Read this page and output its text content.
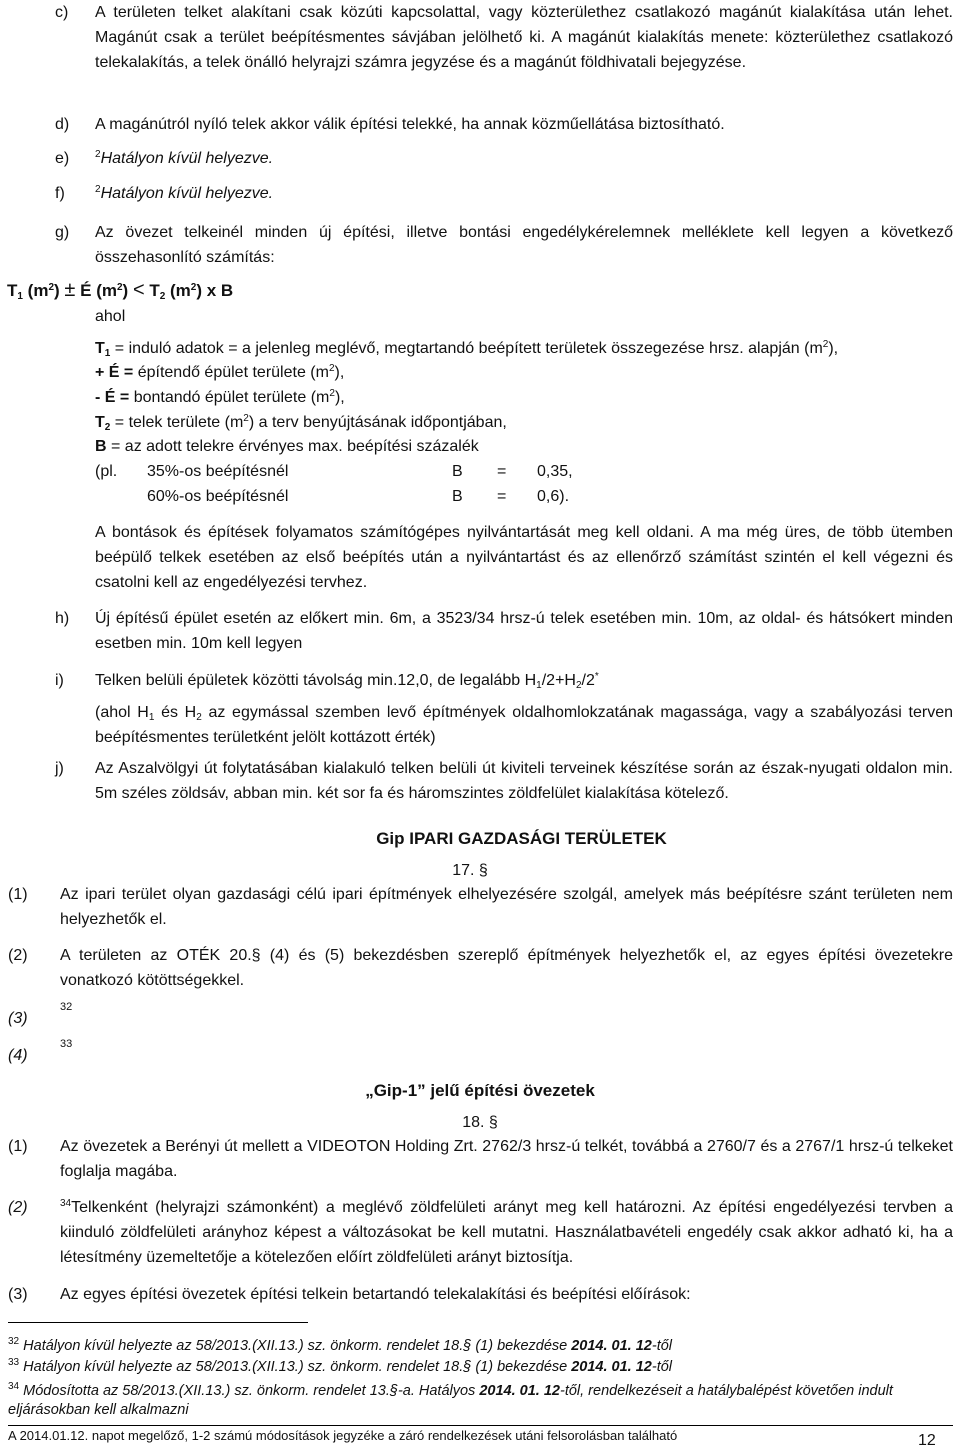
c) A területen telket alakítani csak közúti kapcsolattal, vagy közterülethez csatlakozó magánút kialakítása után lehet. Magánút csak a terület beépítésmentes sávjában jelölhető ki. A magánút kialakítás menete: közterülethez csatlakozó telekalakítás, a telek önálló helyrajzi számra jegyzése és a magánút földhivatali bejegyzése.
d) A magánútról nyíló telek akkor válik építési telekké, ha annak közműellátása biztosítható.
e)	$^2$Hatályon kívül helyezve.
f)	$^2$Hatályon kívül helyezve.
g) Az övezet telkeinél minden új építési, illetve bontási engedélykérelemnek melléklete kell legyen a következő összehasonlító számítás:
$T_1$ $(m^2)$ ± É $(m^2) < T_2$ $(m^2)$ x B
ahol
$T_1$ = induló adatok = a jelenleg meglévő, megtartandó beépített területek összegezése hrsz. alapján $(m^2)$,
+ É = építendő épület területe $(m^2)$,
- É = bontandó épület területe $(m^2)$,
$T_2$ = telek területe $(m^2)$ a terv benyújtásának időpontjában,
B = az adott telekre érvényes max. beépítési százalék
(pl. 35%-os beépítésnél	B = 0,35,
60%-os beépítésnél	B = 0,6).
A bontások és építések folyamatos számítógépes nyilvántartását meg kell oldani. A ma még üres, de több ütemben beépülő telkek esetében az első beépítés után a nyilvántartást és az ellenőrző számítást szintén el kell végezni és csatolni kell az engedélyezési tervhez.
h) Új építésű épület esetén az előkert min. 6m, a 3523/34 hrsz-ú telek esetében min. 10m, az oldal- és hátsókert minden esetben min. 10m kell legyen
i) Telken belüli épületek közötti távolság min.12,0, de legalább $H_1/2+H_2/2^*$
(ahol $H_1$ és $H_2$ az egymással szemben levő építmények oldalhomlokzatának magassága, vagy a szabályozási terven beépítésmentes területként jelölt kottázott érték)
j) Az Aszalvölgyi út folytatásában kialakuló telken belüli út kiviteli terveinek készítése során az észak-nyugati oldalon min. 5m széles zöldsáv, abban min. két sor fa és háromszintes zöldfelület kialakítása kötelező.
Gip IPARI GAZDASÁGI TERÜLETEK
17. §
(1) Az ipari terület olyan gazdasági célú ipari építmények elhelyezésére szolgál, amelyek más beépítésre szánt területen nem helyezhetők el.
(2) A területen az OTÉK 20.§ (4) és (5) bekezdésben szereplő építmények helyezhetők el, az egyes építési övezetekre vonatkozó kötöttségekkel.
(3)
32
(4)
33
„Gip-1” jelű építési övezetek
18. §
(1) Az övezetek a Berényi út mellett a VIDEOTON Holding Zrt. 2762/3 hrsz-ú telkét, továbbá a 2760/7 és a 2767/1 hrsz-ú telkeket foglalja magába.
(2)	$^{34}$Telkenként (helyrajzi számonként) a meglévő zöldfelületi arányt meg kell határozni. Az építési engedélyezési tervben a kiinduló zöldfelületi arányhoz képest a változásokat be kell mutatni. Használatbavételi engedély csak akkor adható ki, ha a létesítmény üzemeltetője a kötelezően előírt zöldfelületi arányt biztosítja.
(3) Az egyes építési övezetek építési telkein betartandó telekalakítási és beépítési előírások:
$^{32}$ Hatályon kívül helyezte az 58/2013.(XII.13.) sz. önkorm. rendelet 18.§ (1) bekezdése 2014. 01. 12-től
$^{33}$ Hatályon kívül helyezte az 58/2013.(XII.13.) sz. önkorm. rendelet 18.§ (1) bekezdése 2014. 01. 12-től
$^{34}$ Módosította az 58/2013.(XII.13.) sz. önkorm. rendelet 13.§-a. Hatályos 2014. 01. 12-től, rendelkezéseit a hatálybalépést követően indult eljárásokban kell alkalmazni
A 2014.01.12. napot megelőző, 1-2 számú módosítások jegyzéke a záró rendelkezések utáni felsorolásban található	12
